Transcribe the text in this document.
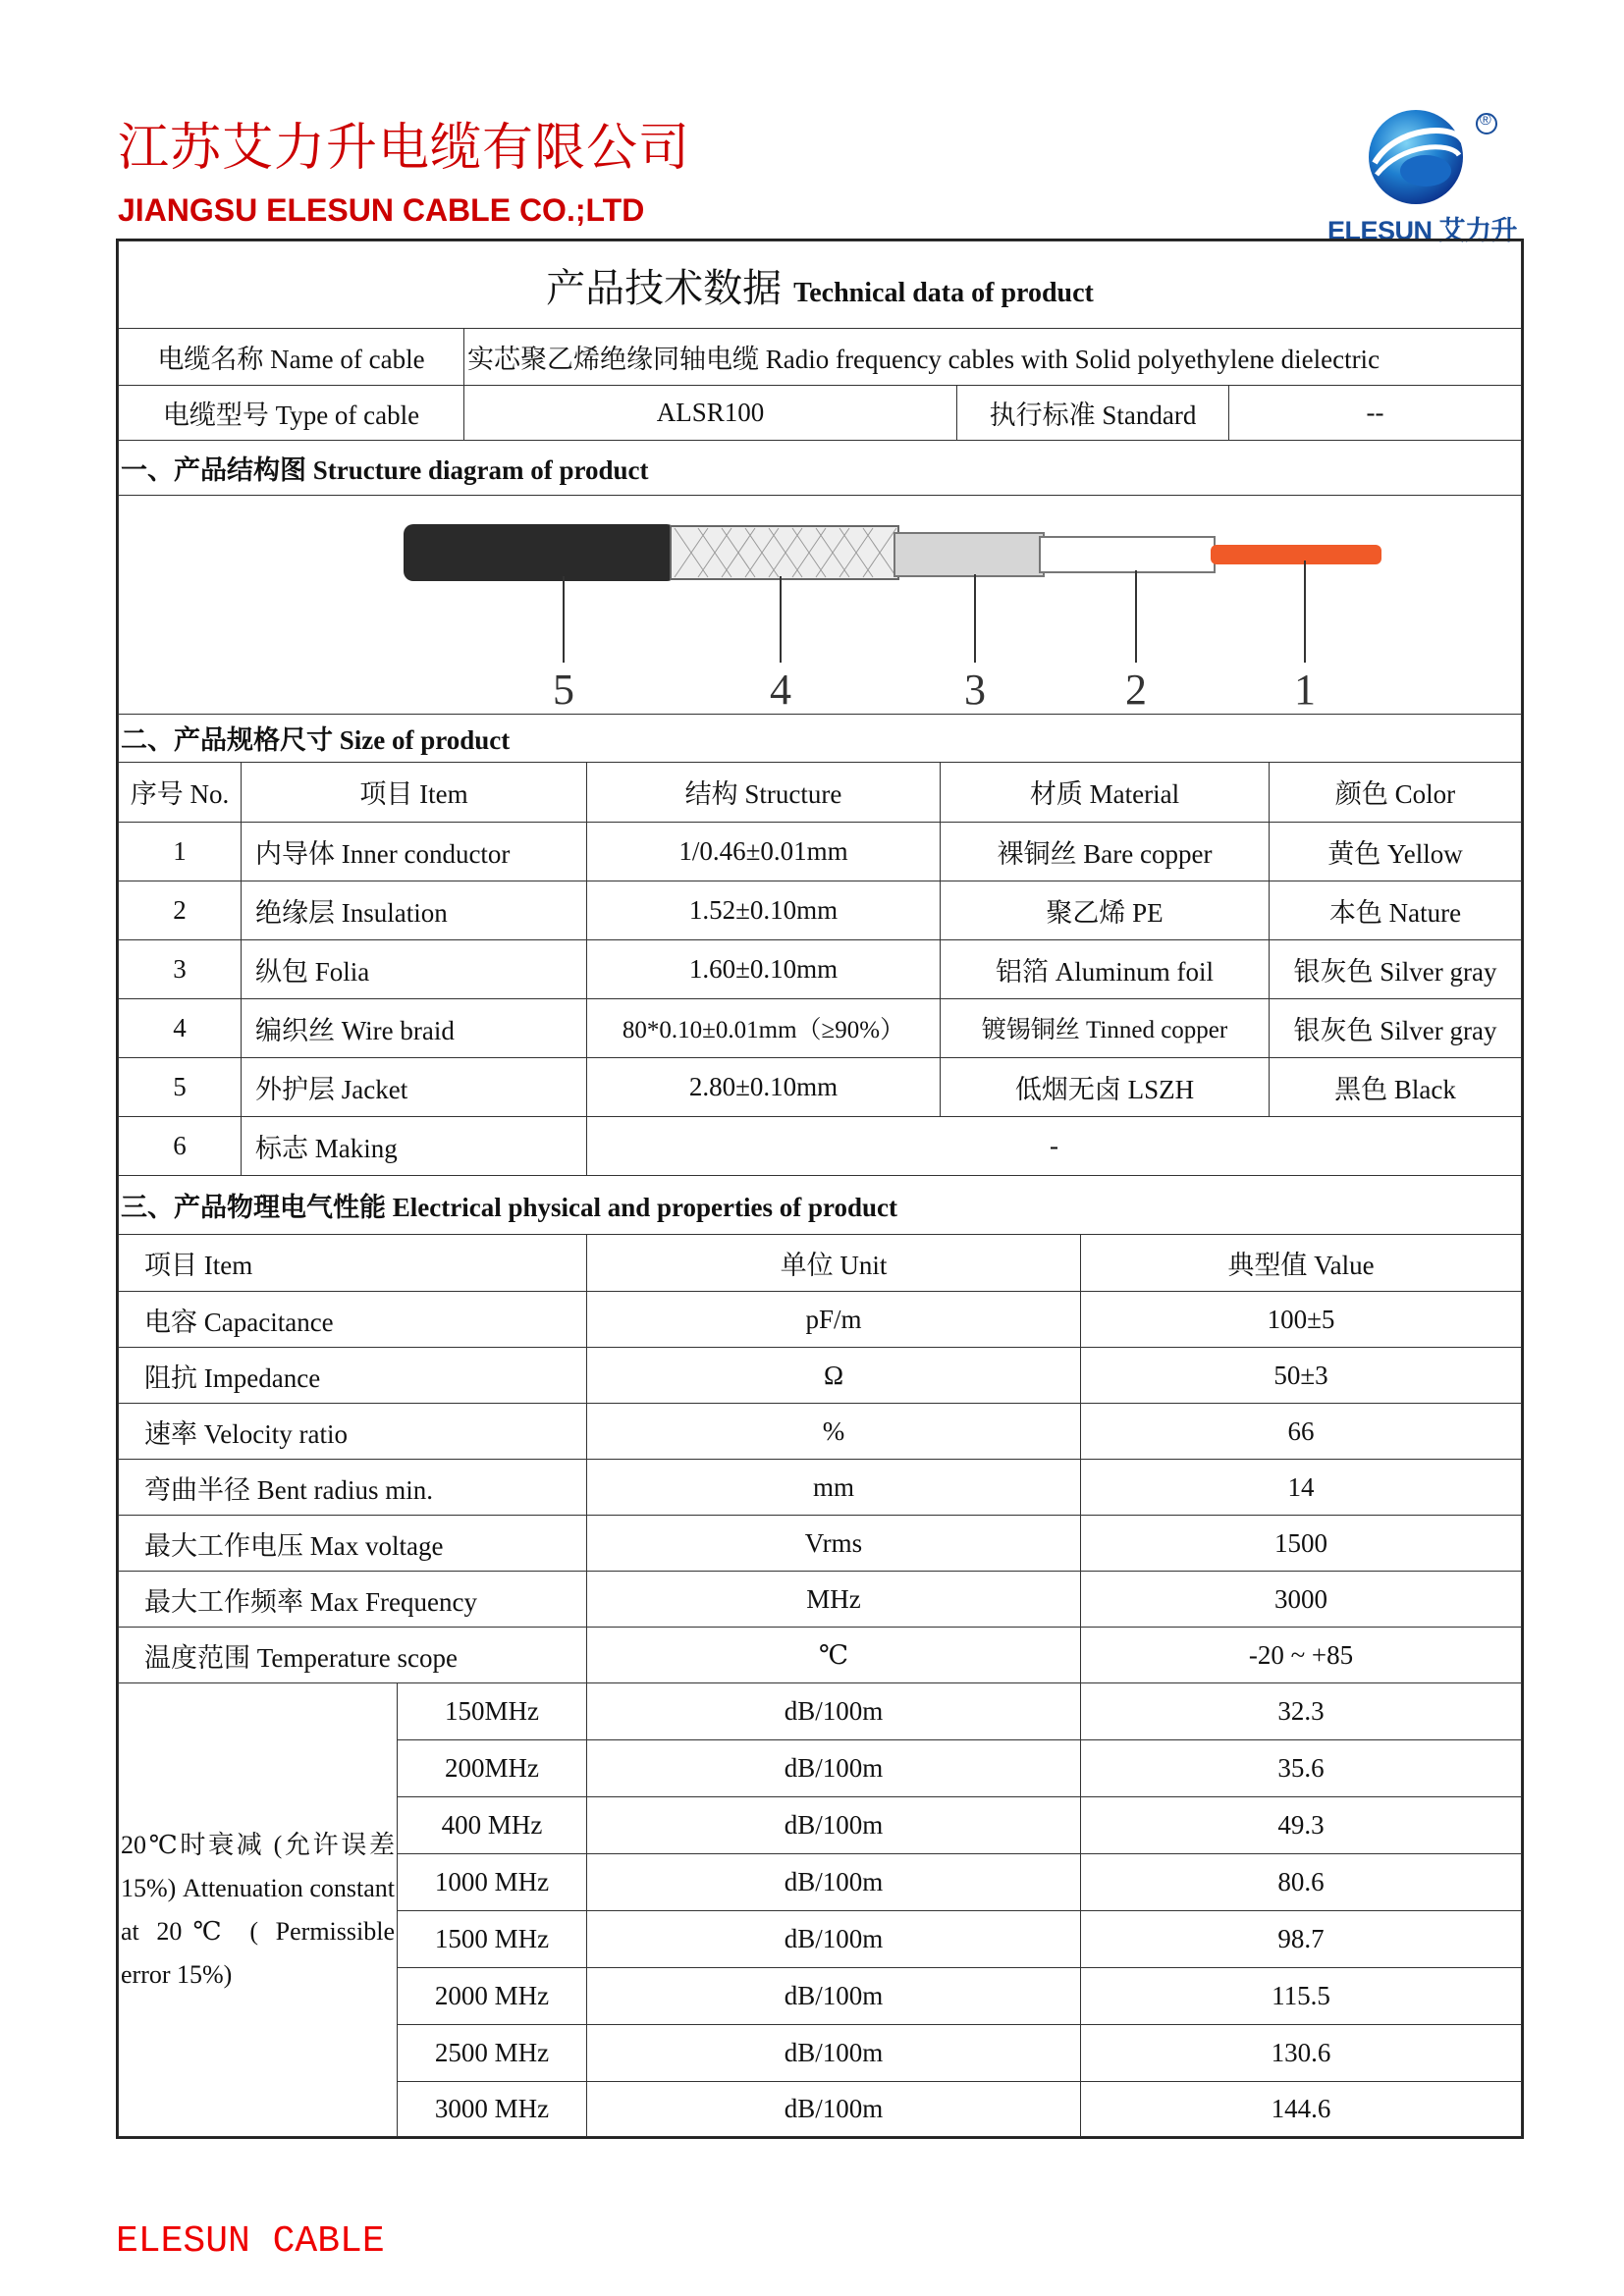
江苏艾力升电缆有限公司
JIANGSU ELESUN CABLE CO.;LTD
®
ELESUN 艾力升
产品技术数据 Technical data of product			
电缆名称 Name of cable	实芯聚乙烯绝缘同轴电缆 Radio frequency cables with Solid polyethylene dielectric		
电缆型号 Type of cable	ALSR100	执行标准 Standard	--
一、产品结构图 Structure diagram of product			

5 4 3 2 1			
二、产品规格尺寸 Size of product				
序号 No.	项目 Item	结构 Structure	材质 Material	颜色 Color
1	内导体 Inner conductor	1/0.46±0.01mm	裸铜丝 Bare copper	黄色 Yellow
2	绝缘层 Insulation	1.52±0.10mm	聚乙烯 PE	本色 Nature
3	纵包 Folia	1.60±0.10mm	铝箔 Aluminum foil	银灰色 Silver gray
4	编织丝 Wire braid	80*0.10±0.01mm（≥90%）	镀锡铜丝 Tinned copper	银灰色 Silver gray
5	外护层 Jacket	2.80±0.10mm	低烟无卤 LSZH	黑色 Black
6	标志 Making	-		
三、产品物理电气性能 Electrical physical and properties of product			
项目 Item		单位 Unit	典型值 Value
电容 Capacitance		pF/m	100±5
阻抗 Impedance		Ω	50±3
速率 Velocity ratio		%	66
弯曲半径 Bent radius min.		mm	14
最大工作电压 Max voltage		Vrms	1500
最大工作频率 Max Frequency		MHz	3000
温度范围 Temperature scope		℃	-20 ~ +85
20℃时衰减 (允许误差 15%) Attenuation constant at 20℃ ( Permissible error 15%)	150MHz	dB/100m	32.3
	200MHz	dB/100m	35.6
	400 MHz	dB/100m	49.3
	1000 MHz	dB/100m	80.6
	1500 MHz	dB/100m	98.7
	2000 MHz	dB/100m	115.5
	2500 MHz	dB/100m	130.6
	3000 MHz	dB/100m	144.6
ELESUN CABLE
